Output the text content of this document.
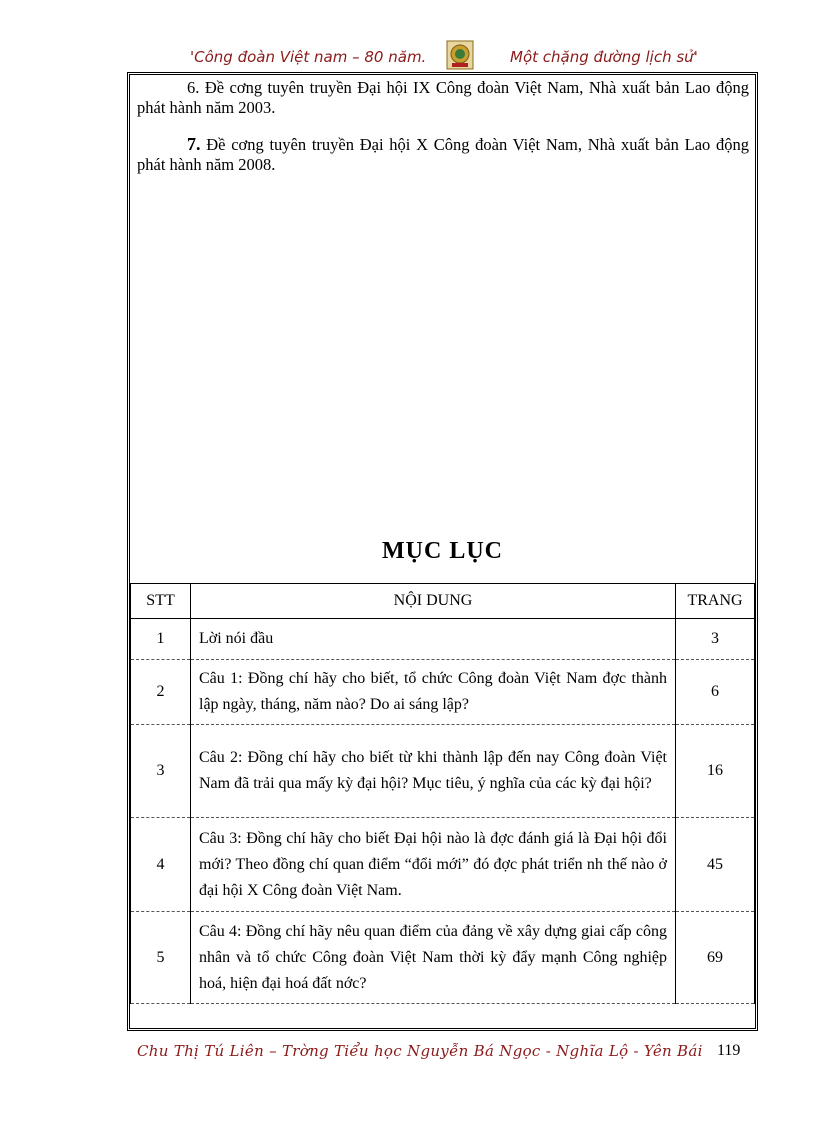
'Công đoàn Việt nam – 80 năm.	Một chặng đường lịch sử'

6. Đề cơng tuyên truyền Đại hội IX Công đoàn Việt Nam, Nhà xuất bản Lao động phát hành năm 2003.

7. Đề cơng tuyên truyền Đại hội X Công đoàn Việt Nam, Nhà xuất bản Lao động phát hành năm 2008.

MỤC LỤC
STT	NỘI DUNG	TRANG
1	Lời nói đầu	3
2	Câu 1: Đồng chí hãy cho biết, tổ chức Công đoàn Việt Nam đợc thành lập ngày, tháng, năm nào? Do ai sáng lập?	6
3	Câu 2: Đồng chí hãy cho biết từ khi thành lập đến nay Công đoàn Việt Nam đã trải qua mấy kỳ đại hội? Mục tiêu, ý nghĩa của các kỳ đại hội?	16
4	Câu 3: Đồng chí hãy cho biết Đại hội nào là đợc đánh giá là Đại hội đổi mới? Theo đồng chí quan điểm “đổi mới” đó đợc phát triển nh thế nào ở đại hội X Công đoàn Việt Nam.	45
5	Câu 4: Đồng chí hãy nêu quan điểm của đảng về xây dựng giai cấp công nhân và tổ chức Công đoàn Việt Nam thời kỳ đẩy mạnh Công nghiệp hoá, hiện đại hoá đất nớc?	69
Chu Thị Tú Liên – Trờng Tiểu học Nguyễn Bá Ngọc - Nghĩa Lộ - Yên Bái 119
